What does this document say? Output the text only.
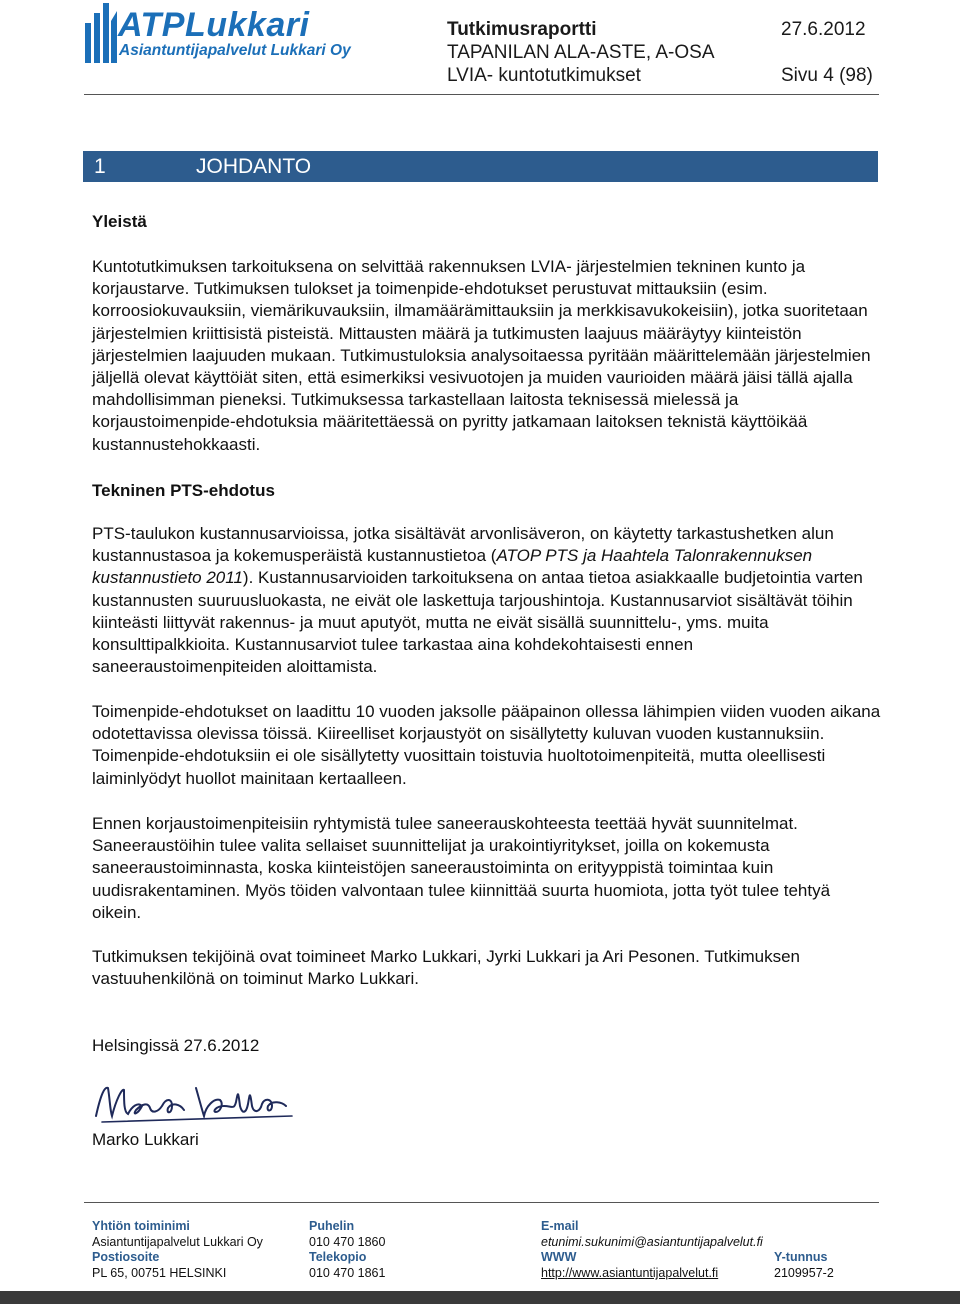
ATPLukkari
Asiantuntijapalvelut Lukkari Oy
Tutkimusraportti	27.6.2012
TAPANILAN ALA-ASTE, A-OSA
LVIA- kuntotutkimukset	Sivu 4 (98)
1	JOHDANTO
Yleistä

Kuntotutkimuksen tarkoituksena on selvittää rakennuksen LVIA- järjestelmien tekninen kunto ja korjaustarve. Tutkimuksen tulokset ja toimenpide-ehdotukset perustuvat mittauksiin (esim. korroosiokuvauksiin, viemärikuvauksiin, ilmamäärämittauksiin ja merkkisavukokeisiin), jotka suoritetaan järjestelmien kriittisistä pisteistä. Mittausten määrä ja tutkimusten laajuus määräytyy kiinteistön järjestelmien laajuuden mukaan. Tutkimustuloksia analysoitaessa pyritään määrittelemään järjestelmien jäljellä olevat käyttöiät siten, että esimerkiksi vesivuotojen ja muiden vaurioiden määrä jäisi tällä ajalla mahdollisimman pieneksi. Tutkimuksessa tarkastellaan laitosta teknisessä mielessä ja korjaustoimenpide-ehdotuksia määritettäessä on pyritty jatkamaan laitoksen teknistä käyttöikää kustannustehokkaasti.

Tekninen PTS-ehdotus

PTS-taulukon kustannusarvioissa, jotka sisältävät arvonlisäveron, on käytetty tarkastushetken alun kustannustasoa ja kokemusperäistä kustannustietoa (ATOP PTS ja Haahtela Talonrakennuksen kustannustieto 2011). Kustannusarvioiden tarkoituksena on antaa tietoa asiakkaalle budjetointia varten kustannusten suuruusluokasta, ne eivät ole laskettuja tarjoushintoja. Kustannusarviot sisältävät töihin kiinteästi liittyvät rakennus- ja muut aputyöt, mutta ne eivät sisällä suunnittelu-, yms. muita konsulttipalkkioita. Kustannusarviot tulee tarkastaa aina kohdekohtaisesti ennen saneeraustoimenpiteiden aloittamista.

Toimenpide-ehdotukset on laadittu 10 vuoden jaksolle pääpainon ollessa lähimpien viiden vuoden aikana odotettavissa olevissa töissä. Kiireelliset korjaustyöt on sisällytetty kuluvan vuoden kustannuksiin. Toimenpide-ehdotuksiin ei ole sisällytetty vuosittain toistuvia huoltotoimenpiteitä, mutta oleellisesti laiminlyödyt huollot mainitaan kertaalleen.

Ennen korjaustoimenpiteisiin ryhtymistä tulee saneerauskohteesta teettää hyvät suunnitelmat. Saneeraustöihin tulee valita sellaiset suunnittelijat ja urakointiyritykset, joilla on kokemusta saneeraustoiminnasta, koska kiinteistöjen saneeraustoiminta on erityyppistä toimintaa kuin uudisrakentaminen. Myös töiden valvontaan tulee kiinnittää suurta huomiota, jotta työt tulee tehtyä oikein.

Tutkimuksen tekijöinä ovat toimineet Marko Lukkari, Jyrki Lukkari ja Ari Pesonen. Tutkimuksen vastuuhenkilönä on toiminut Marko Lukkari.

Helsingissä 27.6.2012
Marko Lukkari
Yhtiön toiminimi
Asiantuntijapalvelut Lukkari Oy
Postiosoite
PL 65, 00751 HELSINKI
Puhelin
010 470 1860
Telekopio
010 470 1861
E-mail
etunimi.sukunimi@asiantuntijapalvelut.fi
WWW
http://www.asiantuntijapalvelut.fi
Y-tunnus
2109957-2
